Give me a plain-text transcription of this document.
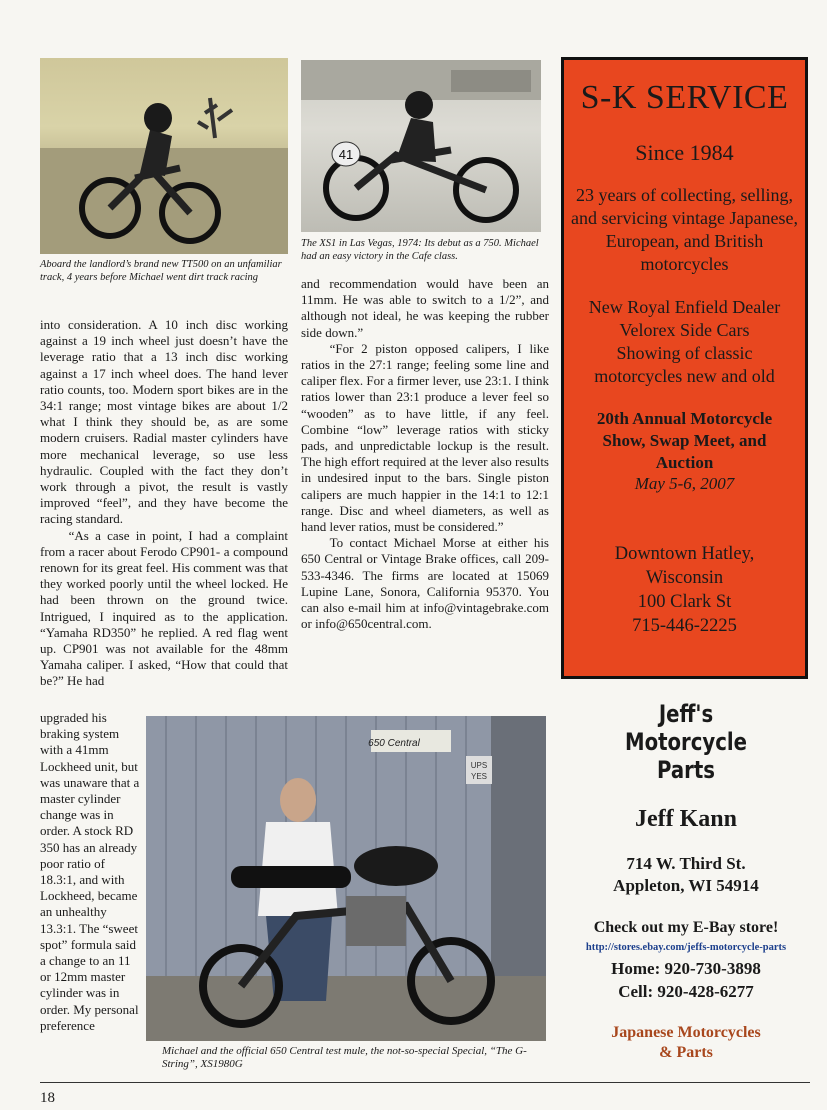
Aboard the landlord’s brand new TT500 on an unfamiliar track, 4 years before Michael went dirt track racing
41
The XS1 in Las Vegas, 1974: Its debut as a 750. Michael had an easy victory in the Cafe class.

into consideration. A 10 inch disc working against a 19 inch wheel just doesn’t have the leverage ratio that a 13 inch disc working against a 17 inch wheel does. The hand lever ratio counts, too. Modern sport bikes are in the 34:1 range; most vintage bikes are about 1/2 what I think they should be, as are some modern cruisers. Radial master cylinders have more mechanical leverage, so use less hydraulic. Coupled with the fact they don’t work through a pivot, the result is vastly improved “feel”, and they have become the racing standard.

“As a case in point, I had a complaint from a racer about Ferodo CP901- a compound renown for its great feel. His comment was that they worked poorly until the wheel locked. He had been thrown on the ground twice. Intrigued, I inquired as to the application. “Yamaha RD350” he replied. A red flag went up. CP901 was not available for the 48mm Yamaha caliper. I asked, “How that could that be?” He had

upgraded his braking system with a 41mm Lockheed unit, but was unaware that a master cylinder change was in order. A stock RD 350 has an already poor ratio of 18.3:1, and with Lockheed, became an unhealthy 13.3:1. The “sweet spot” formula said a change to an 11 or 12mm master cylinder was in order. My personal preference

and recommendation would have been an 11mm. He was able to switch to a 1/2”, and although not ideal, he was keeping the rubber side down.”

“For 2 piston opposed calipers, I like ratios in the 27:1 range; feeling some line and caliper flex. For a firmer lever, use 23:1. I think ratios lower than 23:1 produce a lever feel so “wooden” as to have little, if any feel. Combine “low” leverage ratios with sticky pads, and unpredictable lockup is the result. The high effort required at the lever also results in undesired input to the bars. Single piston calipers are much happier in the 14:1 to 12:1 range. Disc and wheel diameters, as well as hand lever ratios, must be considered.”

To contact Michael Morse at either his 650 Central or Vintage Brake offices, call 209-533-4346. The firms are located at 15069 Lupine Lane, Sonora, California 95370. You can also e-mail him at info@vintagebrake.com or info@650central.com.

UPS
YES
650 Central
Michael and the official 650 Central test mule, the not-so-special Special, “The G-String”, XS1980G
S-K SERVICE
Since 1984
23 years of collecting, selling, and servicing vintage Japanese, European, and British motorcycles
New Royal Enfield Dealer
Velorex Side Cars
Showing of classic motorcycles new and old
20th Annual Motorcycle Show, Swap Meet, and Auction
May 5-6, 2007
Downtown Hatley, Wisconsin
100 Clark St
715-446-2225
Jeff's Motorcycle Parts
Jeff Kann
714 W. Third St.
Appleton, WI 54914
Check out my E-Bay store!
http://stores.ebay.com/jeffs-motorcycle-parts
Home: 920-730-3898
Cell: 920-428-6277
Japanese Motorcycles & Parts
18
